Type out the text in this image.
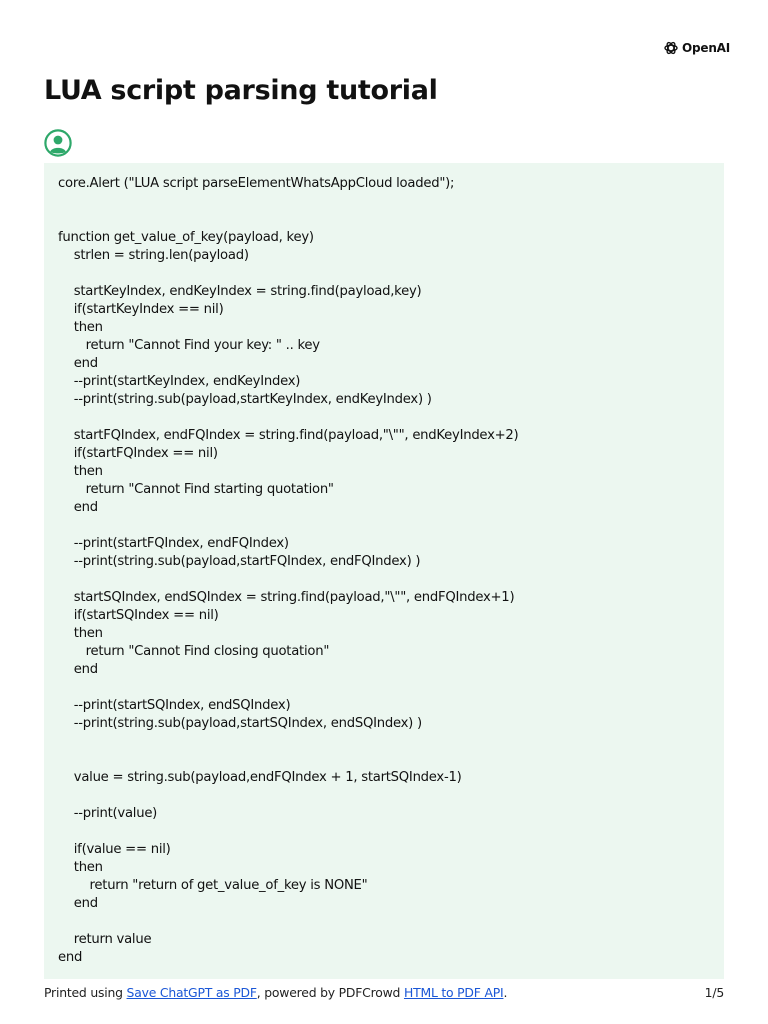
OpenAI
LUA script parsing tutorial
core.Alert ("LUA script parseElementWhatsAppCloud loaded");

function get_value_of_key(payload, key)
strlen = string.len(payload)

startKeyIndex, endKeyIndex = string.find(payload,key)
if(startKeyIndex == nil)
then
return "Cannot Find your key: " .. key
end
--print(startKeyIndex, endKeyIndex)
--print(string.sub(payload,startKeyIndex, endKeyIndex) )

startFQIndex, endFQIndex = string.find(payload,"\"", endKeyIndex+2)
if(startFQIndex == nil)
then
return "Cannot Find starting quotation"
end

--print(startFQIndex, endFQIndex)
--print(string.sub(payload,startFQIndex, endFQIndex) )

startSQIndex, endSQIndex = string.find(payload,"\"", endFQIndex+1)
if(startSQIndex == nil)
then
return "Cannot Find closing quotation"
end

--print(startSQIndex, endSQIndex)
--print(string.sub(payload,startSQIndex, endSQIndex) )

value = string.sub(payload,endFQIndex + 1, startSQIndex-1)

--print(value)

if(value == nil)
then
return "return of get_value_of_key is NONE"
end

return value
end
Printed using Save ChatGPT as PDF, powered by PDFCrowd HTML to PDF API.	1/5
